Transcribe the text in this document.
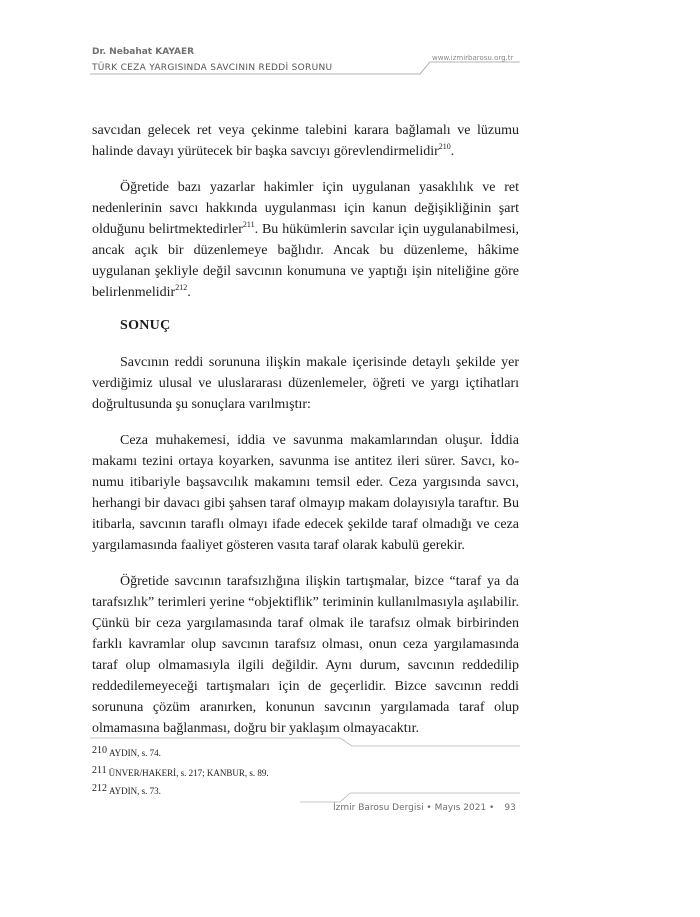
Dr. Nebahat KAYAER
TÜRK CEZA YARGISINDA SAVCININ REDDİ SORUNU
www.izmirbarosu.org.tr
savcıdan gelecek ret veya çekinme talebini karara bağlamalı ve lüzumu halinde davayı yürütecek bir başka savcıyı görevlendirmelidir$^{210}$.
Öğretide bazı yazarlar hakimler için uygulanan yasaklılık ve ret nedenlerinin savcı hakkında uygulanması için kanun değişikliğinin şart olduğunu belirtmektedirler$^{211}$. Bu hükümlerin savcılar için uygulanabilmesi, ancak açık bir düzenlemeye bağlıdır. Ancak bu düzenleme, hâkime uygulanan şekliyle değil savcının konumuna ve yaptığı işin niteliğine göre belirlenmelidir$^{212}$.
SONUÇ
Savcının reddi sorununa ilişkin makale içerisinde detaylı şekilde yer verdiğimiz ulusal ve uluslararası düzenlemeler, öğreti ve yargı içtihatları doğrultusunda şu sonuçlara varılmıştır:
Ceza muhakemesi, iddia ve savunma makamlarından oluşur. İddia makamı tezini ortaya koyarken, savunma ise antitez ileri sürer. Savcı, konumu itibariyle başsavcılık makamını temsil eder. Ceza yargısında savcı, herhangi bir davacı gibi şahsen taraf olmayıp makam dolayısıyla taraftır. Bu itibarla, savcının taraflı olmayı ifade edecek şekilde taraf olmadığı ve ceza yargılamasında faaliyet gösteren vasıta taraf olarak kabulü gerekir.
Öğretide savcının tarafsızlığına ilişkin tartışmalar, bizce “taraf ya da tarafsızlık” terimleri yerine “objektiflik” teriminin kullanılmasıyla aşılabilir. Çünkü bir ceza yargılamasında taraf olmak ile tarafsız olmak birbirinden farklı kavramlar olup savcının tarafsız olması, onun ceza yargılamasında taraf olup olmamasıyla ilgili değildir. Aynı durum, savcının reddedilip reddedilemeyeceği tartışmaları için de geçerlidir. Bizce savcının reddi sorununa çözüm aranırken, konunun savcının yargılamada taraf olup olmamasına bağlanması, doğru bir yaklaşım olmayacaktır.
210 AYDIN, s. 74.
211 ÜNVER/HAKERİ, s. 217; KANBUR, s. 89.
212 AYDIN, s. 73.
İzmir Barosu Dergisi • Mayıs 2021 • 93
